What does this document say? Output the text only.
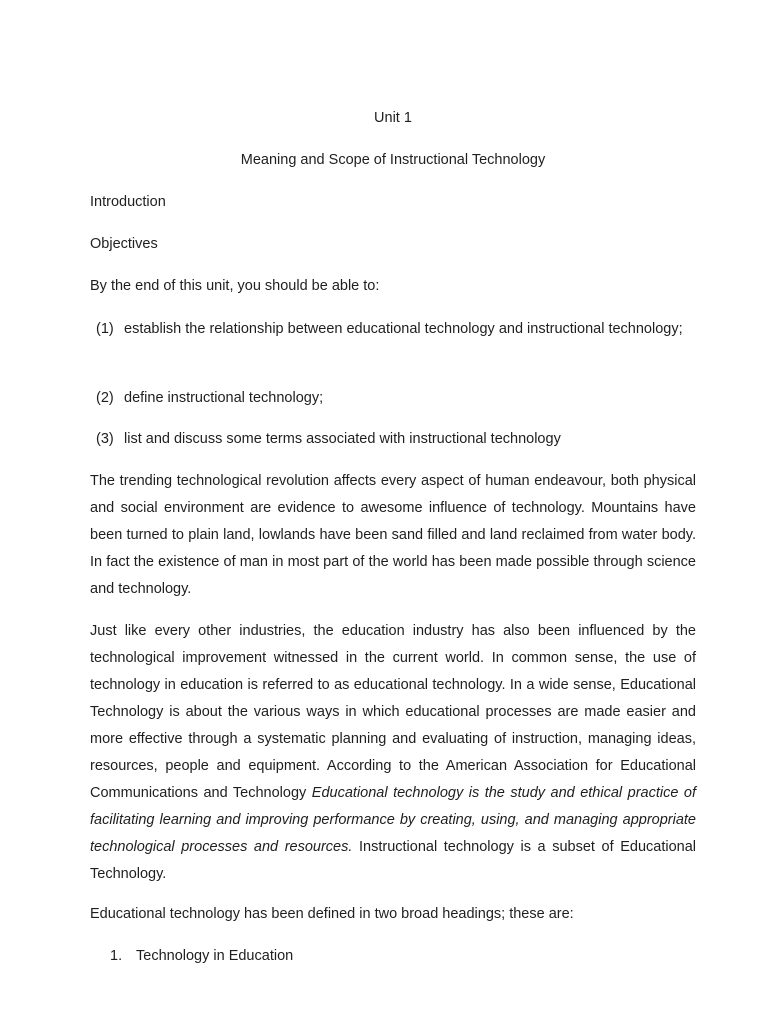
Unit 1
Meaning and Scope of Instructional Technology
Introduction
Objectives
By the end of this unit, you should be able to:
(1) establish the relationship between educational technology and instructional technology;
(2) define instructional technology;
(3) list and discuss some terms associated with instructional technology
The trending technological revolution affects every aspect of human endeavour, both physical and social environment are evidence to awesome influence of technology. Mountains have been turned to plain land, lowlands have been sand filled and land reclaimed from water body. In fact the existence of man in most part of the world has been made possible through science and technology.
Just like every other industries, the education industry has also been influenced by the technological improvement witnessed in the current world. In common sense, the use of technology in education is referred to as educational technology. In a wide sense, Educational Technology is about the various ways in which educational processes are made easier and more effective through a systematic planning and evaluating of instruction, managing ideas, resources, people and equipment. According to the American Association for Educational Communications and Technology Educational technology is the study and ethical practice of facilitating learning and improving performance by creating, using, and managing appropriate technological processes and resources. Instructional technology is a subset of Educational Technology.
Educational technology has been defined in two broad headings; these are:
1. Technology in Education
